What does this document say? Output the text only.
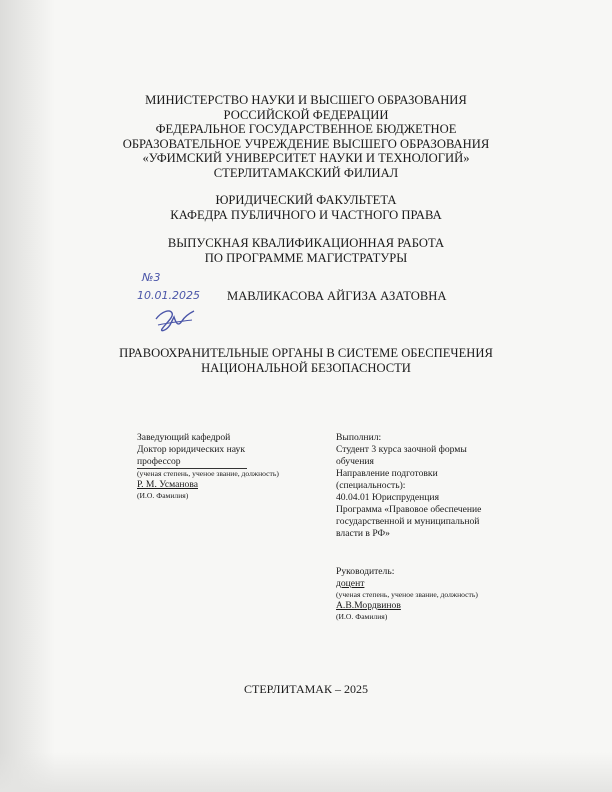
МИНИСТЕРСТВО НАУКИ И ВЫСШЕГО ОБРАЗОВАНИЯ
РОССИЙСКОЙ ФЕДЕРАЦИИ
ФЕДЕРАЛЬНОЕ ГОСУДАРСТВЕННОЕ БЮДЖЕТНОЕ
ОБРАЗОВАТЕЛЬНОЕ УЧРЕЖДЕНИЕ ВЫСШЕГО ОБРАЗОВАНИЯ
«УФИМСКИЙ УНИВЕРСИТЕТ НАУКИ И ТЕХНОЛОГИЙ»
СТЕРЛИТАМАКСКИЙ ФИЛИАЛ
ЮРИДИЧЕСКИЙ ФАКУЛЬТЕТА
КАФЕДРА ПУБЛИЧНОГО И ЧАСТНОГО ПРАВА
ВЫПУСКНАЯ КВАЛИФИКАЦИОННАЯ РАБОТА
ПО ПРОГРАММЕ МАГИСТРАТУРЫ
№3
10.01.2025 МАВЛИКАСОВА АЙГИЗА АЗАТОВНА
ПРАВООХРАНИТЕЛЬНЫЕ ОРГАНЫ В СИСТЕМЕ ОБЕСПЕЧЕНИЯ
НАЦИОНАЛЬНОЙ БЕЗОПАСНОСТИ
Заведующий кафедрой
Доктор юридических наук
профессор
(ученая степень, ученое звание, должность)
Р. М. Усманова
(И.О. Фамилия)
Выполнил:
Студент 3 курса заочной формы
обучения
Направление подготовки
(специальность):
40.04.01 Юриспруденция
Программа «Правовое обеспечение
государственной и муниципальной
власти в РФ»
Руководитель:
доцент
(ученая степень, ученое звание, должность)
А.В.Мордвинов
(И.О. Фамилия)
СТЕРЛИТАМАК – 2025
